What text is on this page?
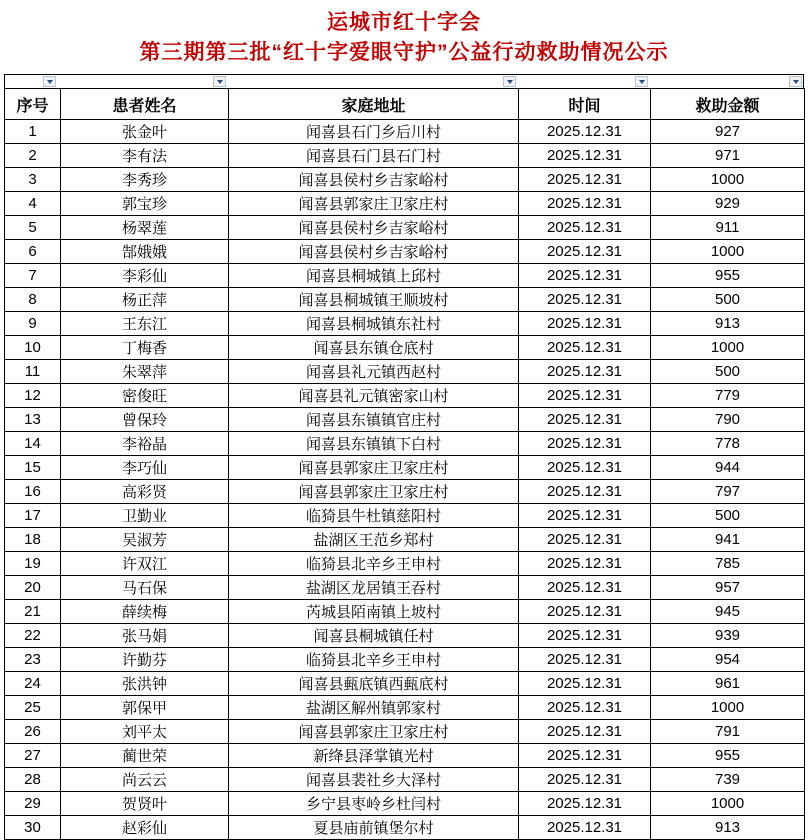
运城市红十字会
第三期第三批“红十字爱眼守护”公益行动救助情况公示
序号	患者姓名	家庭地址	时间	救助金额
1	张金叶	闻喜县石门乡后川村	2025.12.31	927
2	李有法	闻喜县石门县石门村	2025.12.31	971
3	李秀珍	闻喜县侯村乡吉家峪村	2025.12.31	1000
4	郭宝珍	闻喜县郭家庄卫家庄村	2025.12.31	929
5	杨翠莲	闻喜县侯村乡吉家峪村	2025.12.31	911
6	郜娥娥	闻喜县侯村乡吉家峪村	2025.12.31	1000
7	李彩仙	闻喜县桐城镇上邱村	2025.12.31	955
8	杨正萍	闻喜县桐城镇王顺坡村	2025.12.31	500
9	王东江	闻喜县桐城镇东社村	2025.12.31	913
10	丁梅香	闻喜县东镇仓底村	2025.12.31	1000
11	朱翠萍	闻喜县礼元镇西赵村	2025.12.31	500
12	密俊旺	闻喜县礼元镇密家山村	2025.12.31	779
13	曾保玲	闻喜县东镇镇官庄村	2025.12.31	790
14	李裕晶	闻喜县东镇镇下白村	2025.12.31	778
15	李巧仙	闻喜县郭家庄卫家庄村	2025.12.31	944
16	高彩贤	闻喜县郭家庄卫家庄村	2025.12.31	797
17	卫勤业	临猗县牛杜镇慈阳村	2025.12.31	500
18	吴淑芳	盐湖区王范乡郑村	2025.12.31	941
19	许双江	临猗县北辛乡王申村	2025.12.31	785
20	马石保	盐湖区龙居镇王吞村	2025.12.31	957
21	薛续梅	芮城县陌南镇上坡村	2025.12.31	945
22	张马娟	闻喜县桐城镇任村	2025.12.31	939
23	许勤芬	临猗县北辛乡王申村	2025.12.31	954
24	张洪钟	闻喜县甀底镇西甀底村	2025.12.31	961
25	郭保甲	盐湖区解州镇郭家村	2025.12.31	1000
26	刘平太	闻喜县郭家庄卫家庄村	2025.12.31	791
27	蔺世荣	新绛县泽掌镇光村	2025.12.31	955
28	尚云云	闻喜县裴社乡大泽村	2025.12.31	739
29	贺贤叶	乡宁县枣岭乡杜闫村	2025.12.31	1000
30	赵彩仙	夏县庙前镇堡尔村	2025.12.31	913
